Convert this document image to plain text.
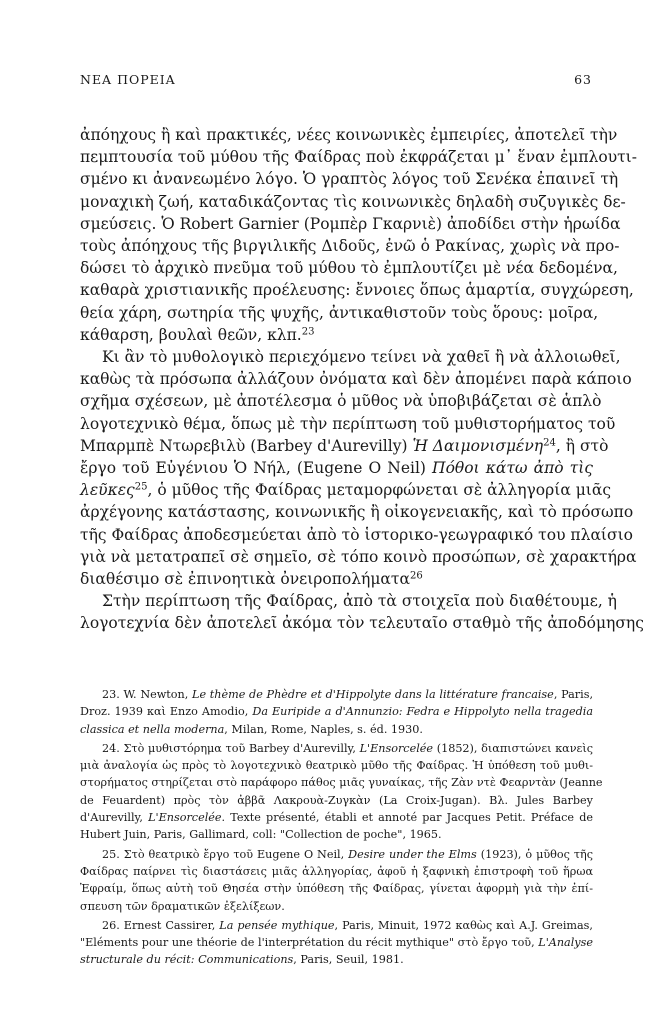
ΝΕΑ ΠΟΡΕΙΑ	63
ἀπόηχους ἢ καὶ πρακτικές, νέες κοινωνικὲς ἐμπειρίες, ἀποτελεῖ τὴν
πεμπτουσία τοῦ μύθου τῆς Φαίδρας ποὺ ἐκφράζεται μ᾽ ἕναν ἐμπλουτι-
σμένο κι ἀνανεωμένο λόγο. Ὁ γραπτὸς λόγος τοῦ Σενέκα ἐπαινεῖ τὴ
μοναχικὴ ζωή, καταδικάζοντας τὶς κοινωνικὲς δηλαδὴ συζυγικὲς δε-
σμεύσεις. Ὁ Robert Garnier (Ρομπὲρ Γκαρνιὲ) ἀποδίδει στὴν ἡρωίδα
τοὺς ἀπόηχους τῆς βιργιλικῆς Διδοῦς, ἐνῶ ὁ Ρακίνας, χωρὶς νὰ προ-
δώσει τὸ ἀρχικὸ πνεῦμα τοῦ μύθου τὸ ἐμπλουτίζει μὲ νέα δεδομένα,
καθαρὰ χριστιανικῆς προέλευσης: ἔννοιες ὅπως ἁμαρτία, συγχώρεση,
θεία χάρη, σωτηρία τῆς ψυχῆς, ἀντικαθιστοῦν τοὺς ὅρους: μοῖρα,
κάθαρση, βουλαὶ θεῶν, κλπ.$^{23}$
Κι ἂν τὸ μυθολογικὸ περιεχόμενο τείνει νὰ χαθεῖ ἢ νὰ ἀλλοιωθεῖ,
καθὼς τὰ πρόσωπα ἀλλάζουν ὀνόματα καὶ δὲν ἀπομένει παρὰ κάποιο
σχῆμα σχέσεων, μὲ ἀποτέλεσμα ὁ μῦθος νὰ ὑποβιβάζεται σὲ ἁπλὸ
λογοτεχνικὸ θέμα, ὅπως μὲ τὴν περίπτωση τοῦ μυθιστορήματος τοῦ
Μπαρμπὲ Ντωρεβιλὺ (Barbey d'Aurevilly) Ἡ Δαιμονισμένη$^{24}$, ἢ στὸ
ἔργο τοῦ Εὐγένιου Ὁ Νήλ, (Eugene O Neil) Πόθοι κάτω ἀπὸ τὶς
λεῦκες$^{25}$, ὁ μῦθος τῆς Φαίδρας μεταμορφώνεται σὲ ἀλληγορία μιᾶς
ἀρχέγονης κατάστασης, κοινωνικῆς ἢ οἰκογενειακῆς, καὶ τὸ πρόσωπο
τῆς Φαίδρας ἀποδεσμεύεται ἀπὸ τὸ ἱστορικο-γεωγραφικό του πλαίσιο
γιὰ νὰ μετατραπεῖ σὲ σημεῖο, σὲ τόπο κοινὸ προσώπων, σὲ χαρακτήρα
διαθέσιμο σὲ ἐπινοητικὰ ὀνειροπολήματα$^{26}$
Στὴν περίπτωση τῆς Φαίδρας, ἀπὸ τὰ στοιχεῖα ποὺ διαθέτουμε, ἡ
λογοτεχνία δὲν ἀποτελεῖ ἀκόμα τὸν τελευταῖο σταθμὸ τῆς ἀποδόμησης
23. W. Newton, Le thème de Phèdre et d'Hippolyte dans la littérature francaise, Paris,
Droz. 1939 καὶ Enzo Amodio, Da Euripide a d'Annunzio: Fedra e Hippolyto nella tragedia
classica et nella moderna, Milan, Rome, Naples, s. éd. 1930.
24. Στὸ μυθιστόρημα τοῦ Barbey d'Aurevilly, L'Ensorcelée (1852), διαπιστώνει κανεὶς
μιὰ ἀναλογία ὡς πρὸς τὸ λογοτεχνικὸ θεατρικὸ μῦθο τῆς Φαίδρας. Ἡ ὑπόθεση τοῦ μυθι-
στορήματος στηρίζεται στὸ παράφορο πάθος μιᾶς γυναίκας, τῆς Ζὰν ντὲ Φεαρντὰν (Jeanne
de Feuardent) πρὸς τὸν ἀββᾶ Λακρουὰ-Ζυγκὰν (La Croix-Jugan). Βλ. Jules Barbey
d'Aurevilly, L'Ensorcelée. Texte présenté, établi et annoté par Jacques Petit. Préface de
Hubert Juin, Paris, Gallimard, coll: "Collection de poche", 1965.
25. Στὸ θεατρικὸ ἔργο τοῦ Eugene O Neil, Desire under the Elms (1923), ὁ μῦθος τῆς
Φαίδρας παίρνει τὶς διαστάσεις μιᾶς ἀλληγορίας, ἀφοῦ ἡ ξαφνικὴ ἐπιστροφὴ τοῦ ἥρωα
Ἐφραίμ, ὅπως αὐτὴ τοῦ Θησέα στὴν ὑπόθεση τῆς Φαίδρας, γίνεται ἀφορμὴ γιὰ τὴν ἐπί-
σπευση τῶν δραματικῶν ἐξελίξεων.
26. Ernest Cassirer, La pensée mythique, Paris, Minuit, 1972 καθὼς καὶ A.J. Greimas,
"Eléments pour une théorie de l'interprétation du récit mythique" στὸ ἔργο τοῦ, L'Analyse
structurale du récit: Communications, Paris, Seuil, 1981.
